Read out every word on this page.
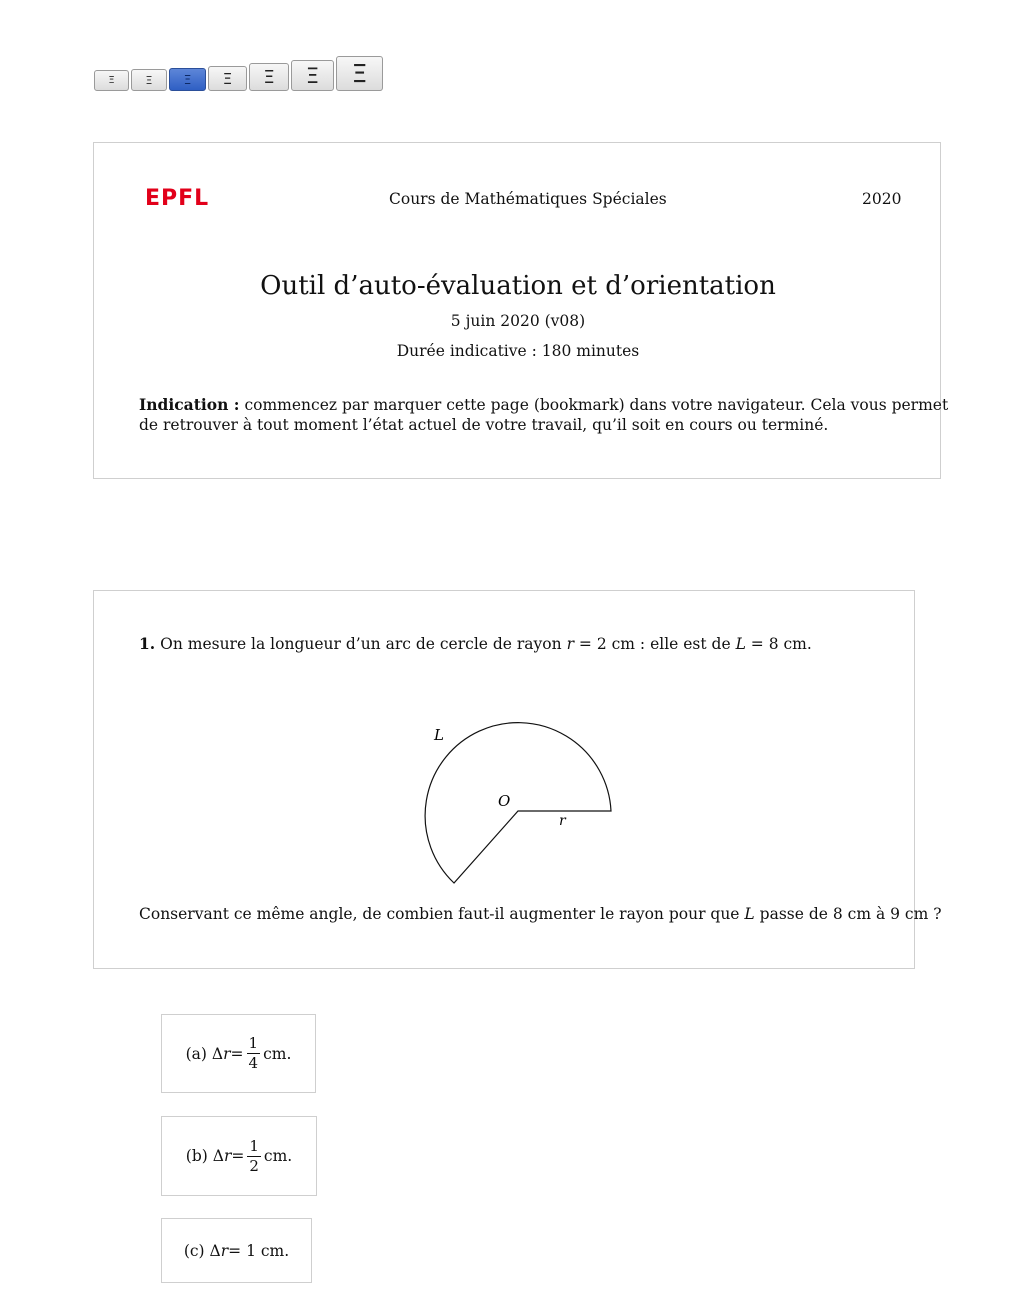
Ξ	Ξ	Ξ Ξ Ξ Ξ Ξ
EPFL	Cours de Mathématiques Spéciales	2020
Outil d’auto-évaluation et d’orientation
5 juin 2020 (v08)
Durée indicative : 180 minutes
Indication : commencez par marquer cette page (bookmark) dans votre navigateur. Cela vous permet
de retrouver à tout moment l’état actuel de votre travail, qu’il soit en cours ou terminé.
1. On mesure la longueur d’un arc de cercle de rayon r = 2 cm : elle est de L = 8 cm.
L
O
r
Conservant ce même angle, de combien faut-il augmenter le rayon pour que L passe de 8 cm à 9 cm ?
(a)
Δ $r = \frac{1}{4}$ cm.
(b)
Δ $r = \frac{1}{2}$ cm.
(c)
Δ r = 1 cm.
